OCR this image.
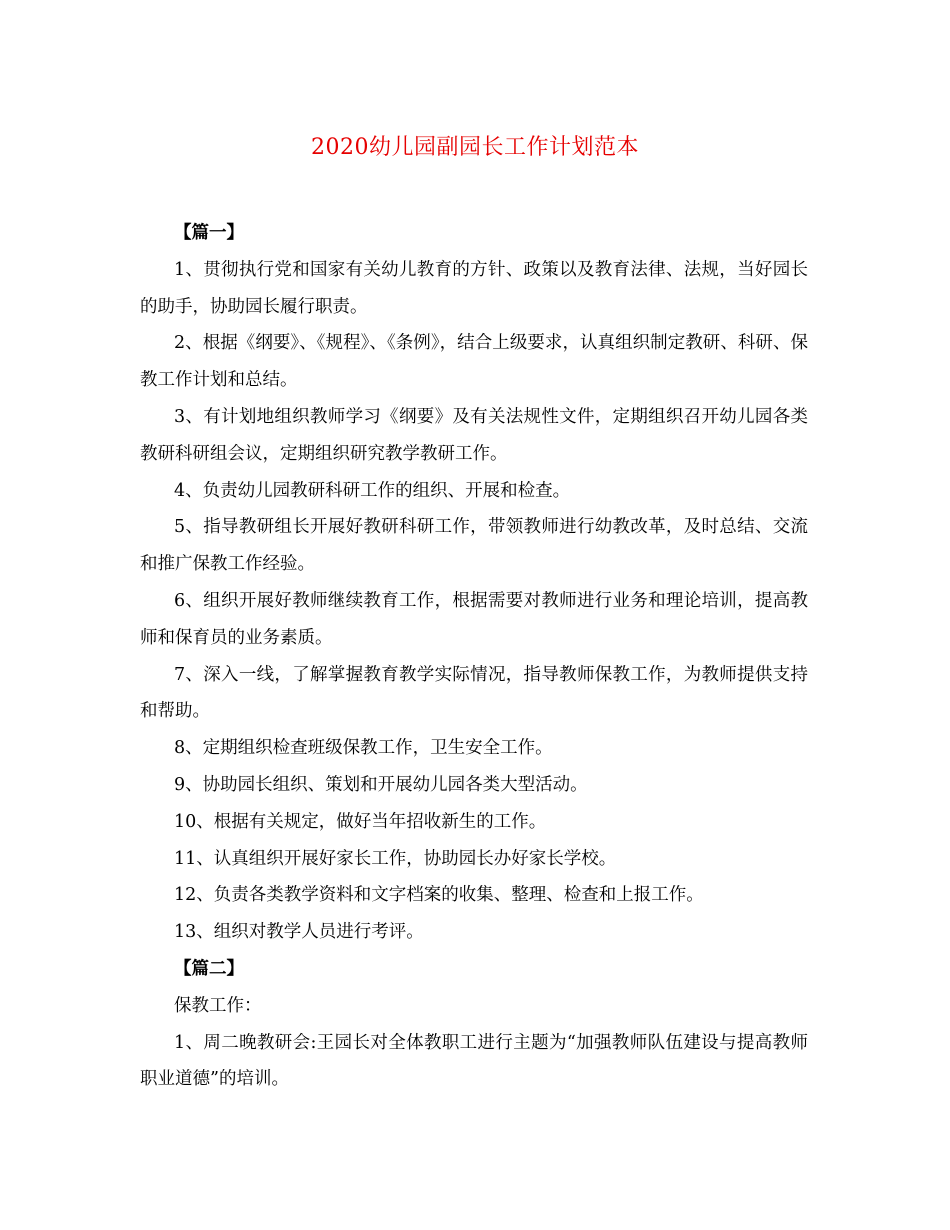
2020幼儿园副园长工作计划范本

【篇一】

1、贯彻执行党和国家有关幼儿教育的方针、政策以及教育法律、法规，当好园长的助手，协助园长履行职责。

2、根据《纲要》、《规程》、《条例》，结合上级要求，认真组织制定教研、科研、保教工作计划和总结。

3、有计划地组织教师学习《纲要》及有关法规性文件，定期组织召开幼儿园各类教研科研组会议，定期组织研究教学教研工作。

4、负责幼儿园教研科研工作的组织、开展和检查。

5、指导教研组长开展好教研科研工作，带领教师进行幼教改革，及时总结、交流和推广保教工作经验。

6、组织开展好教师继续教育工作，根据需要对教师进行业务和理论培训，提高教师和保育员的业务素质。

7、深入一线，了解掌握教育教学实际情况，指导教师保教工作，为教师提供支持和帮助。

8、定期组织检查班级保教工作，卫生安全工作。

9、协助园长组织、策划和开展幼儿园各类大型活动。

10、根据有关规定，做好当年招收新生的工作。

11、认真组织开展好家长工作，协助园长办好家长学校。

12、负责各类教学资料和文字档案的收集、整理、检查和上报工作。

13、组织对教学人员进行考评。

【篇二】

保教工作：

1、周二晚教研会:王园长对全体教职工进行主题为“加强教师队伍建设与提高教师职业道德”的培训。
